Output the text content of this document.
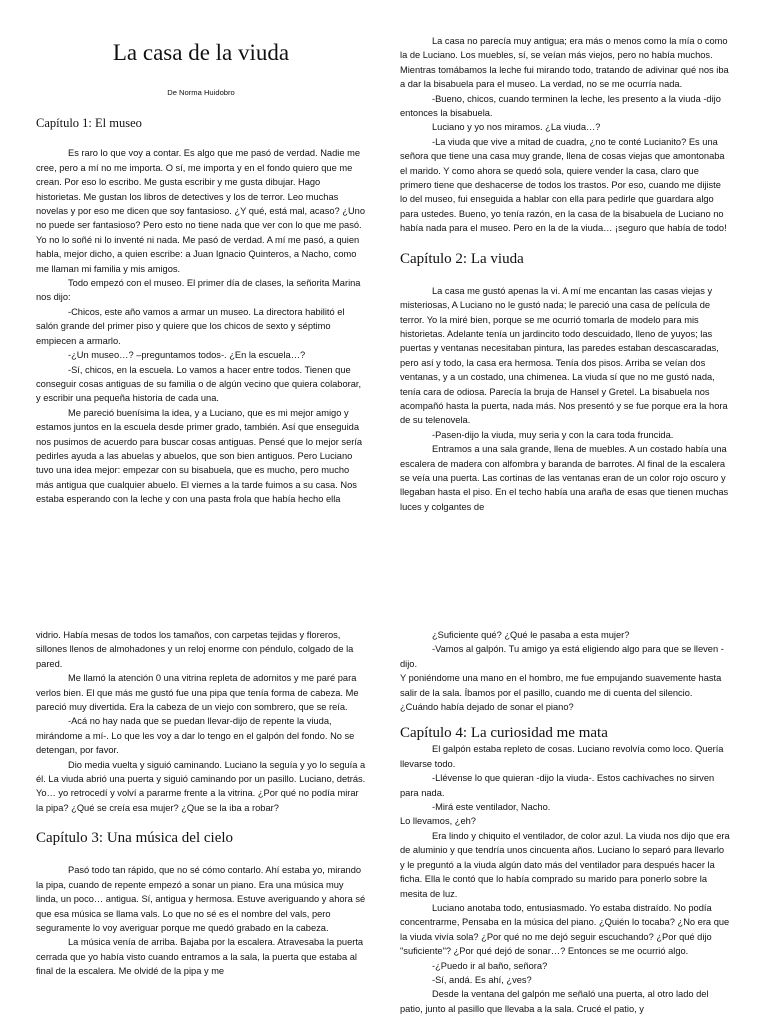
La casa de la viuda

De Norma Huidobro

Capítulo 1: El museo

Es raro lo que voy a contar. Es algo que me pasó de verdad. Nadie me cree, pero a mí no me importa. O sí, me importa y en el fondo quiero que me crean. Por eso lo escribo. Me gusta escribir y me gusta dibujar. Hago historietas. Me gustan los libros de detectives y los de terror. Leo muchas novelas y por eso me dicen que soy fantasioso. ¿Y qué, está mal, acaso? ¿Uno no puede ser fantasioso? Pero esto no tiene nada que ver con lo que me pasó. Yo no lo soñé ni lo inventé ni nada. Me pasó de verdad. A mí me pasó, a quien habla, mejor dicho, a quien escribe: a Juan Ignacio Quinteros, a Nacho, como me llaman mi familia y mis amigos.

Todo empezó con el museo. El primer día de clases, la señorita Marina nos dijo:

-Chicos, este año vamos a armar un museo. La directora habilitó el salón grande del primer piso y quiere que los chicos de sexto y séptimo empiecen a armarlo.

-¿Un museo…? –preguntamos todos-. ¿En la escuela…?

-Sí, chicos, en la escuela. Lo vamos a hacer entre todos. Tienen que conseguir cosas antiguas de su familia o de algún vecino que quiera colaborar, y escribir una pequeña historia de cada una.

Me pareció buenísima la idea, y a Luciano, que es mi mejor amigo y estamos juntos en la escuela desde primer grado, también. Así que enseguida nos pusimos de acuerdo para buscar cosas antiguas. Pensé que lo mejor sería pedirles ayuda a las abuelas y abuelos, que son bien antiguos. Pero Luciano tuvo una idea mejor: empezar con su bisabuela, que es mucho, pero mucho más antigua que cualquier abuelo. El viernes a la tarde fuimos a su casa. Nos estaba esperando con la leche y con una pasta frola que había hecho ella

La casa no parecía muy antigua; era más o menos como la mía o como la de Luciano. Los muebles, sí, se veían más viejos, pero no había muchos. Mientras tomábamos la leche fui mirando todo, tratando de adivinar qué nos iba a dar la bisabuela para el museo. La verdad, no se me ocurría nada.

-Bueno, chicos, cuando terminen la leche, les presento a la viuda -dijo entonces la bisabuela.

Luciano y yo nos miramos. ¿La viuda…?

-La viuda que vive a mitad de cuadra, ¿no te conté Lucianito? Es una señora que tiene una casa muy grande, llena de cosas viejas que amontonaba el marido. Y como ahora se quedó sola, quiere vender la casa, claro que primero tiene que deshacerse de todos los trastos. Por eso, cuando me dijiste lo del museo, fui enseguida a hablar con ella para pedirle que guardara algo para ustedes. Bueno, yo tenía razón, en la casa de la bisabuela de Luciano no había nada para el museo. Pero en la de la viuda… ¡seguro que había de todo!

Capítulo 2: La viuda

La casa me gustó apenas la vi. A mí me encantan las casas viejas y misteriosas, A Luciano no le gustó nada; le pareció una casa de película de terror. Yo la miré bien, porque se me ocurrió tomarla de modelo para mis historietas. Adelante tenía un jardincito todo descuidado, lleno de yuyos; las puertas y ventanas necesitaban pintura, las paredes estaban descascaradas, pero así y todo, la casa era hermosa. Tenía dos pisos. Arriba se veían dos ventanas, y a un costado, una chimenea. La viuda sí que no me gustó nada, tenía cara de odiosa. Parecía la bruja de Hansel y Gretel. La bisabuela nos acompañó hasta la puerta, nada más. Nos presentó y se fue porque era la hora de su telenovela.

-Pasen-dijo la viuda, muy seria y con la cara toda fruncida.

Entramos a una sala grande, llena de muebles. A un costado había una escalera de madera con alfombra y baranda de barrotes. Al final de la escalera se veía una puerta. Las cortinas de las ventanas eran de un color rojo oscuro y llegaban hasta el piso. En el techo había una araña de esas que tienen muchas luces y colgantes de

vidrio. Había mesas de todos los tamaños, con carpetas tejidas y floreros, sillones llenos de almohadones y un reloj enorme con péndulo, colgado de la pared.

Me llamó la atención 0 una vitrina repleta de adornitos y me paré para verlos bien. El que más me gustó fue una pipa que tenía forma de cabeza. Me pareció muy divertida. Era la cabeza de un viejo con sombrero, que se reía.

-Acá no hay nada que se puedan llevar-dijo de repente la viuda, mirándome a mí-. Lo que les voy a dar lo tengo en el galpón del fondo. No se detengan, por favor.

Dio media vuelta y siguió caminando. Luciano la seguía y yo lo seguía a él. La viuda abrió una puerta y siguió caminando por un pasillo. Luciano, detrás. Yo… yo retrocedí y volví a pararme frente a la vitrina. ¿Por qué no podía mirar la pipa? ¿Qué se creía esa mujer? ¿Que se la iba a robar?

Capítulo 3: Una música del cielo

Pasó todo tan rápido, que no sé cómo contarlo. Ahí estaba yo, mirando la pipa, cuando de repente empezó a sonar un piano. Era una música muy linda, un poco… antigua. Sí, antigua y hermosa. Estuve averiguando y ahora sé que esa música se llama vals. Lo que no sé es el nombre del vals, pero seguramente lo voy averiguar porque me quedó grabado en la cabeza.

La música venía de arriba. Bajaba por la escalera. Atravesaba la puerta cerrada que yo había visto cuando entramos a la sala, la puerta que estaba al final de la escalera. Me olvidé de la pipa y me

¿Suficiente qué? ¿Qué le pasaba a esta mujer?

-Vamos al galpón. Tu amigo ya está eligiendo algo para que se lleven -dijo.

Y poniéndome una mano en el hombro, me fue empujando suavemente hasta salir de la sala. Íbamos por el pasillo, cuando me di cuenta del silencio. ¿Cuándo había dejado de sonar el piano?

Capítulo 4: La curiosidad me mata

El galpón estaba repleto de cosas. Luciano revolvía como loco. Quería llevarse todo.

-Llévense lo que quieran -dijo la viuda-. Estos cachivaches no sirven para nada.

-Mirá este ventilador, Nacho.

Lo llevamos, ¿eh?

Era lindo y chiquito el ventilador, de color azul. La viuda nos dijo que era de aluminio y que tendría unos cincuenta años. Luciano lo separó para llevarlo y le preguntó a la viuda algún dato más del ventilador para después hacer la ficha. Ella le contó que lo había comprado su marido para ponerlo sobre la mesita de luz.

Luciano anotaba todo, entusiasmado. Yo estaba distraído. No podía concentrarme, Pensaba en la música del piano. ¿Quién lo tocaba? ¿No era que la viuda vivía sola? ¿Por qué no me dejó seguir escuchando? ¿Por qué dijo "suficiente"? ¿Por qué dejó de sonar…? Entonces se me ocurrió algo.

-¿Puedo ir al baño, señora?

-Sí, andá. Es ahí, ¿ves?

Desde la ventana del galpón me señaló una puerta, al otro lado del patio, junto al pasillo que llevaba a la sala. Crucé el patio, y
